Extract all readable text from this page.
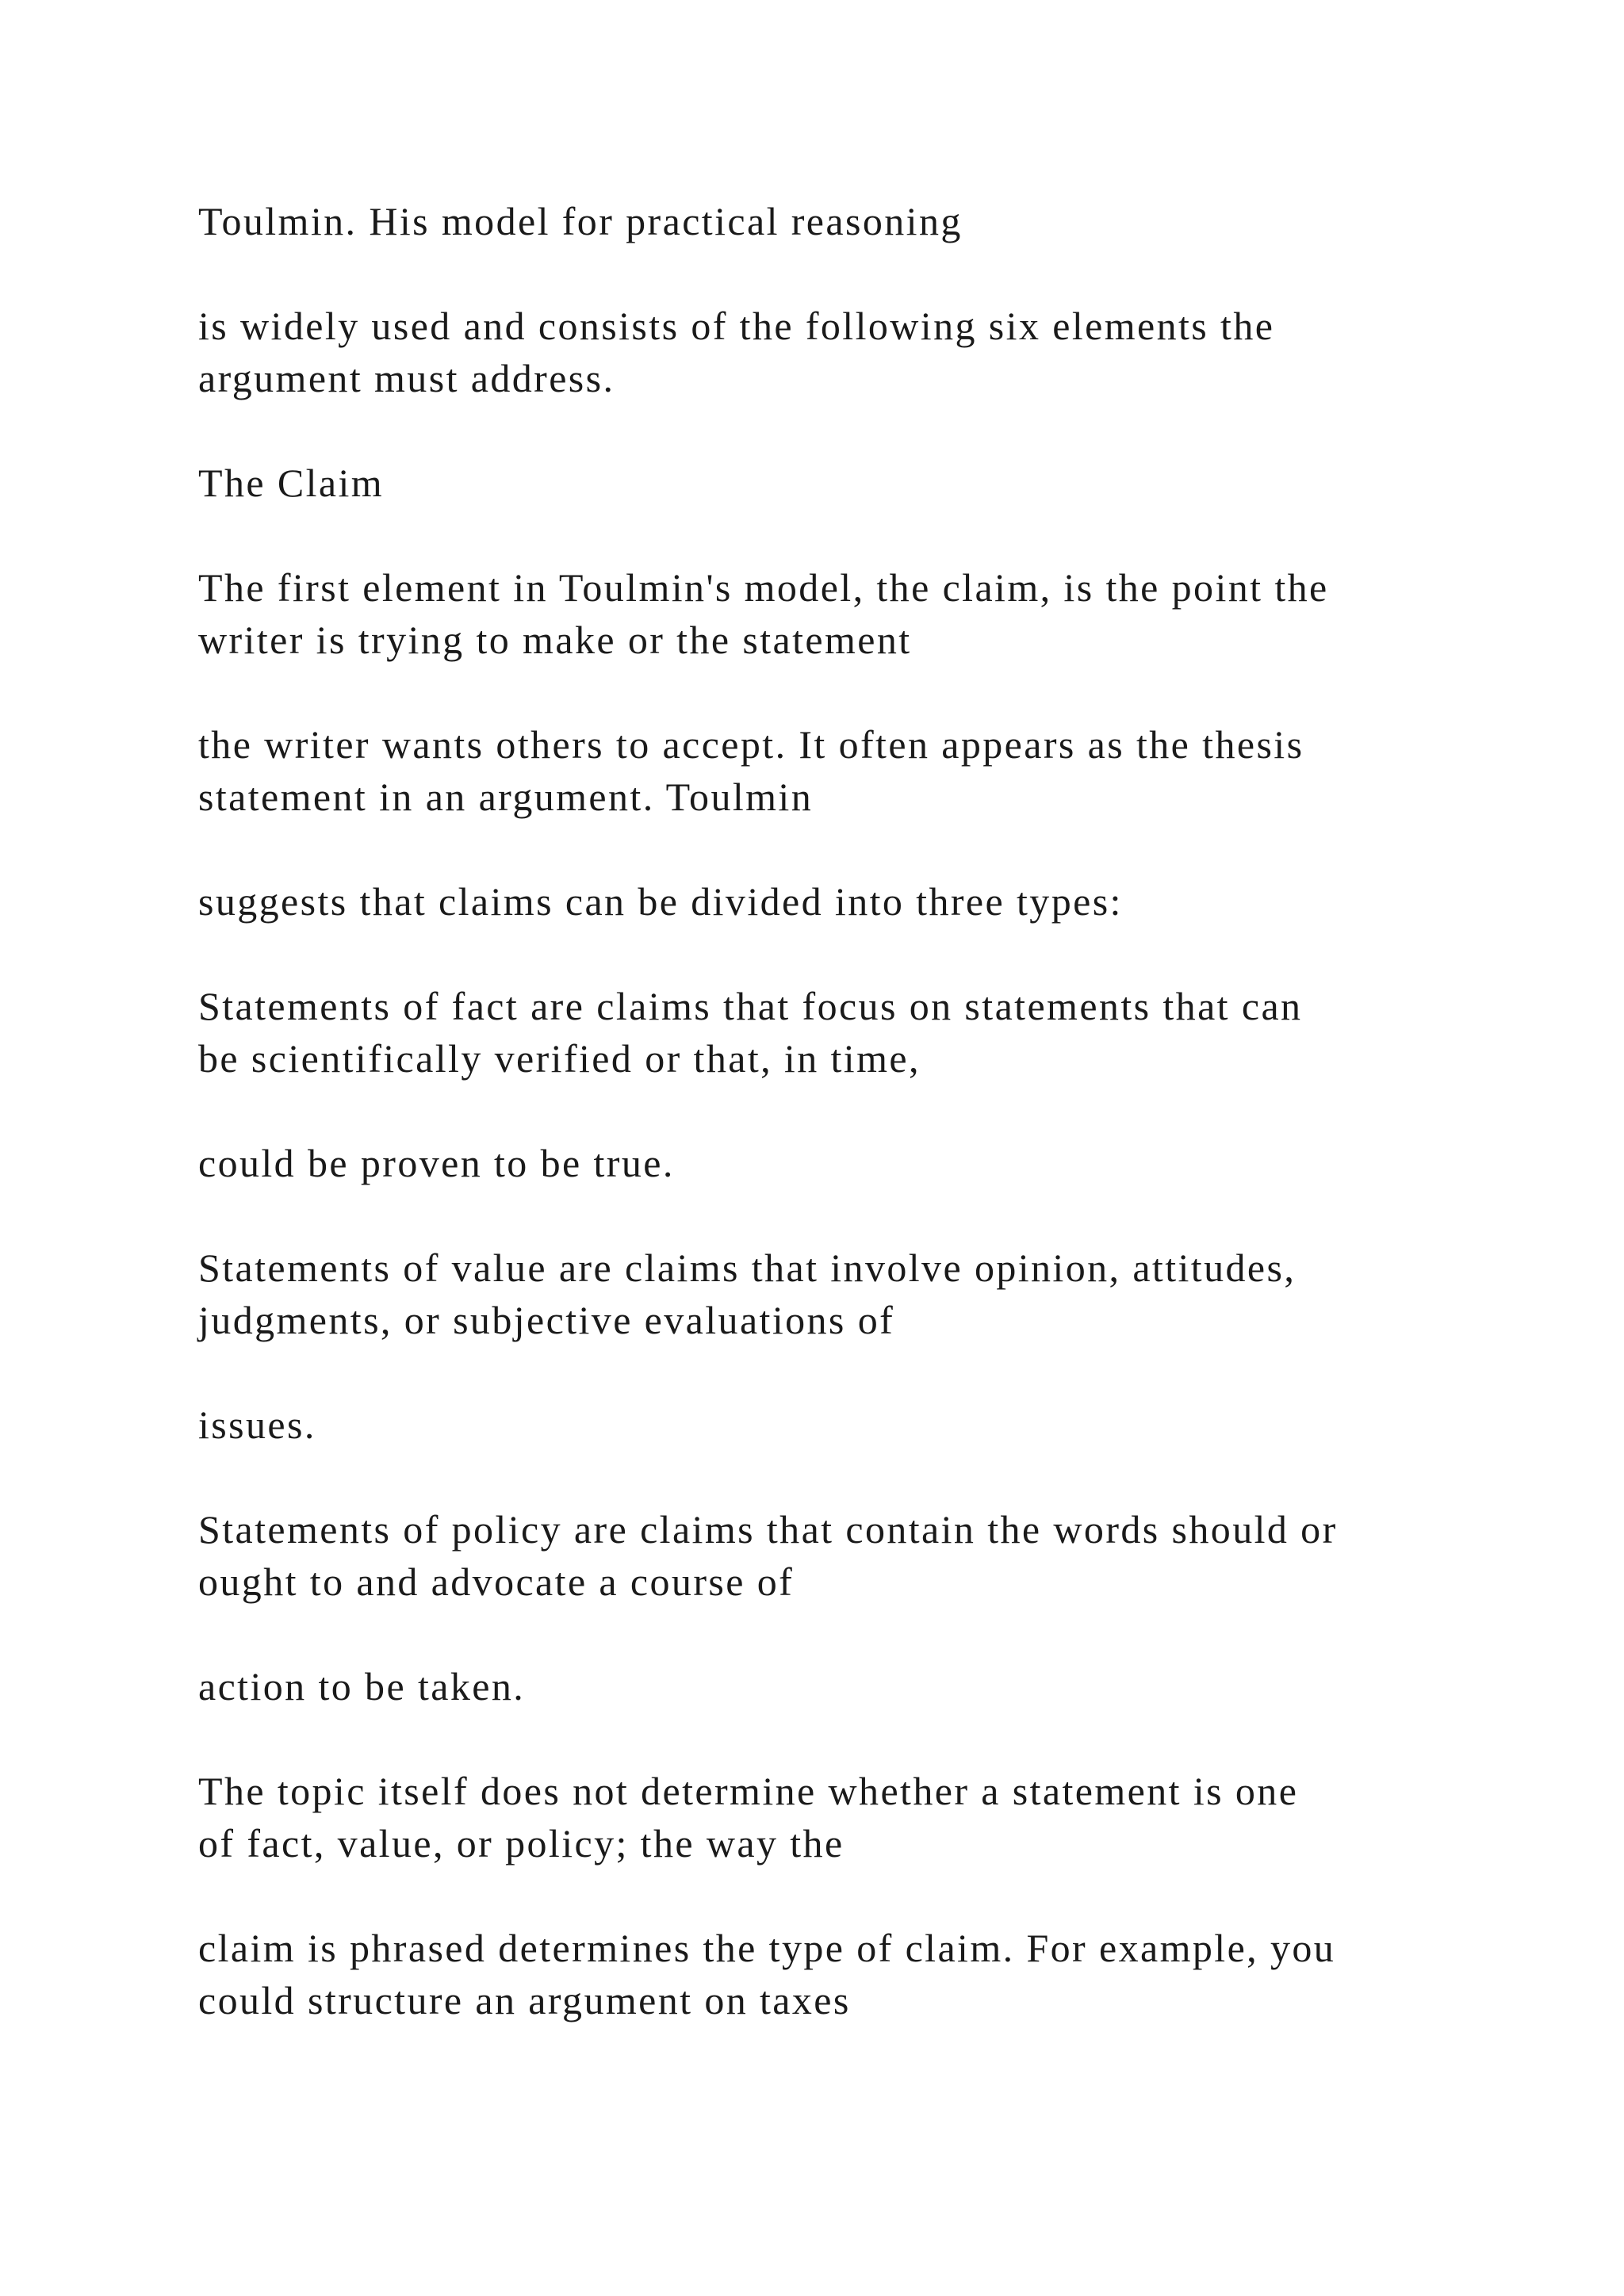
Toulmin. His model for practical reasoning

is widely used and consists of the following six elements the
argument must address.

The Claim

The first element in Toulmin's model, the claim, is the point the
writer is trying to make or the statement

the writer wants others to accept. It often appears as the thesis
statement in an argument. Toulmin

suggests that claims can be divided into three types:

Statements of fact are claims that focus on statements that can
be scientifically verified or that, in time,

could be proven to be true.

Statements of value are claims that involve opinion, attitudes,
judgments, or subjective evaluations of

issues.

Statements of policy are claims that contain the words should or
ought to and advocate a course of

action to be taken.

The topic itself does not determine whether a statement is one
of fact, value, or policy; the way the

claim is phrased determines the type of claim. For example, you
could structure an argument on taxes
